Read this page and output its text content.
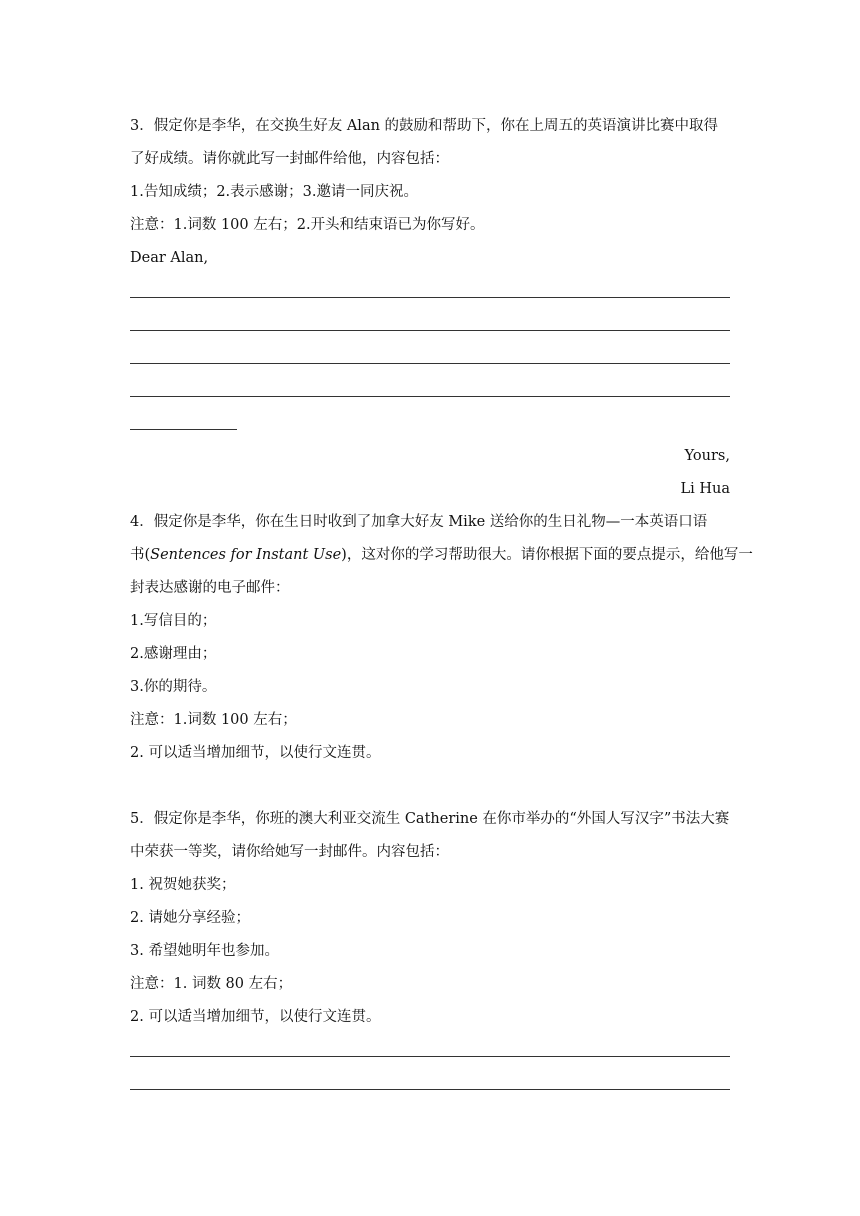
3．假定你是李华，在交换生好友 Alan 的鼓励和帮助下，你在上周五的英语演讲比赛中取得
了好成绩。请你就此写一封邮件给他，内容包括：
1.告知成绩；2.表示感谢；3.邀请一同庆祝。
注意：1.词数 100 左右；2.开头和结束语已为你写好。
Dear Alan,
Yours,
Li Hua
4．假定你是李华，你在生日时收到了加拿大好友 Mike 送给你的生日礼物—一本英语口语
书(Sentences for Instant Use)，这对你的学习帮助很大。请你根据下面的要点提示，给他写一
封表达感谢的电子邮件：
1.写信目的；
2.感谢理由；
3.你的期待。
注意：1.词数 100 左右；
2. 可以适当增加细节，以使行文连贯。
5．假定你是李华，你班的澳大利亚交流生 Catherine 在你市举办的“外国人写汉字”书法大赛
中荣获一等奖，请你给她写一封邮件。内容包括：
1. 祝贺她获奖；
2. 请她分享经验；
3. 希望她明年也参加。
注意：1. 词数 80 左右；
2. 可以适当增加细节，以使行文连贯。
